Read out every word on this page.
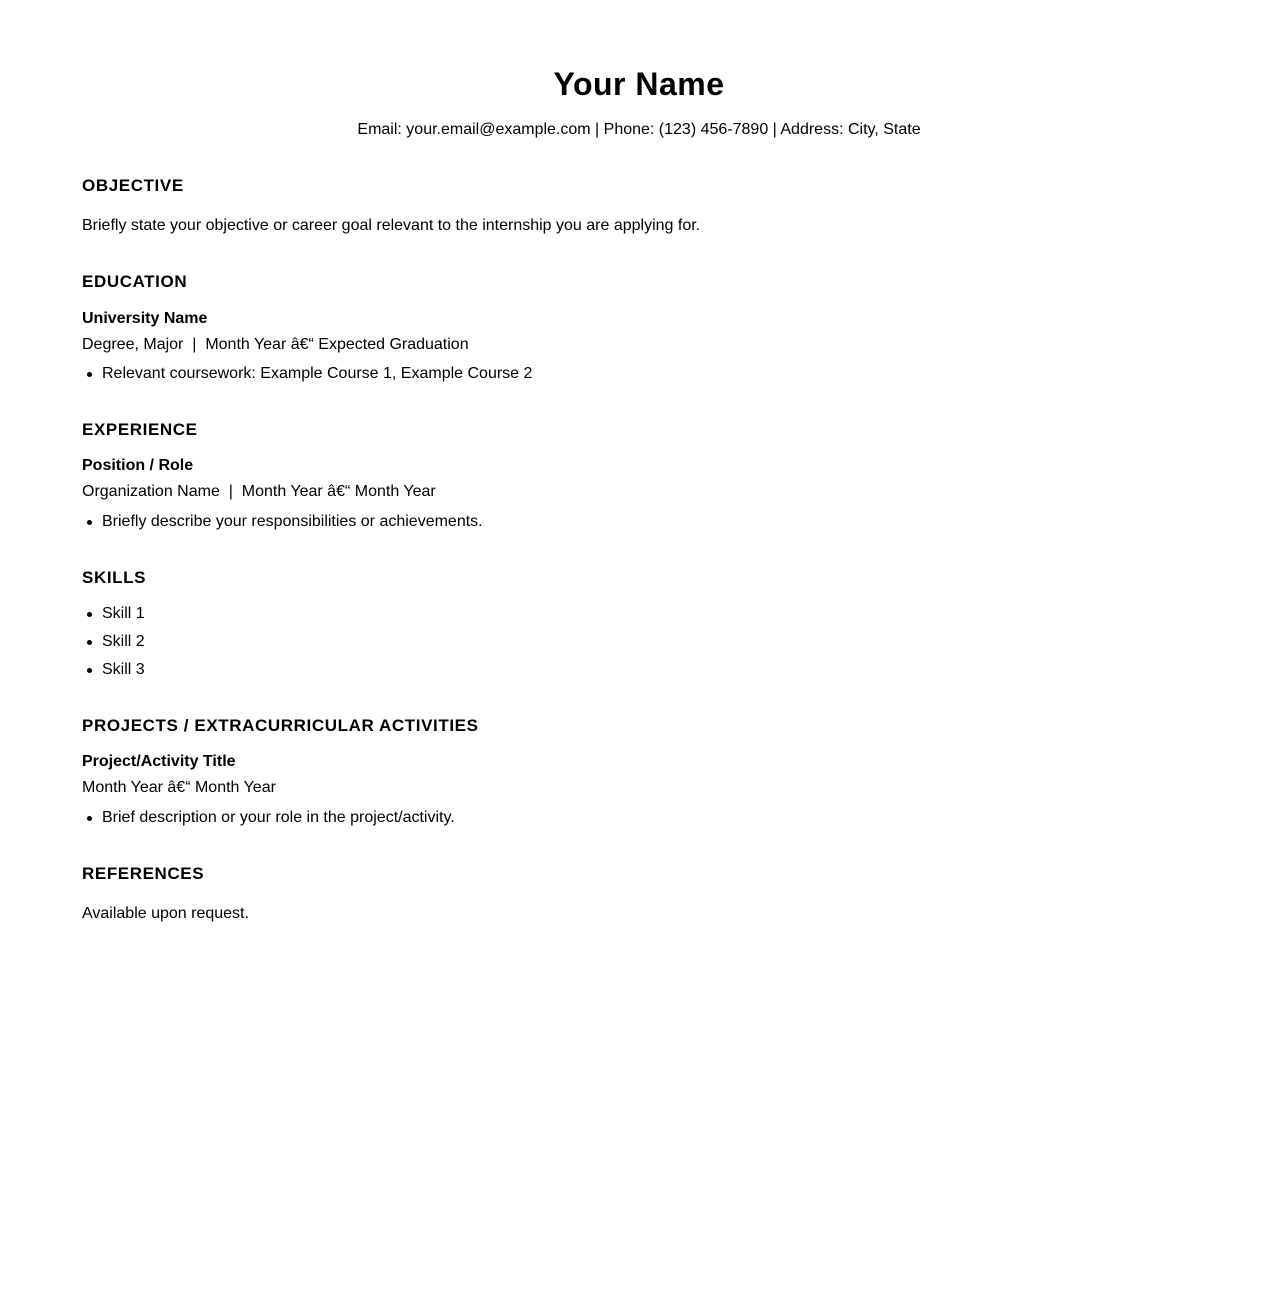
Your Name
Email: your.email@example.com | Phone: (123) 456-7890 | Address: City, State
OBJECTIVE

Briefly state your objective or career goal relevant to the internship you are applying for.

EDUCATION
University Name
Degree, Major  |  Month Year â€“ Expected Graduation
Relevant coursework: Example Course 1, Example Course 2
EXPERIENCE
Position / Role
Organization Name  |  Month Year â€“ Month Year
Briefly describe your responsibilities or achievements.
SKILLS
Skill 1
Skill 2
Skill 3
PROJECTS / EXTRACURRICULAR ACTIVITIES
Project/Activity Title
Month Year â€“ Month Year
Brief description or your role in the project/activity.
REFERENCES

Available upon request.
